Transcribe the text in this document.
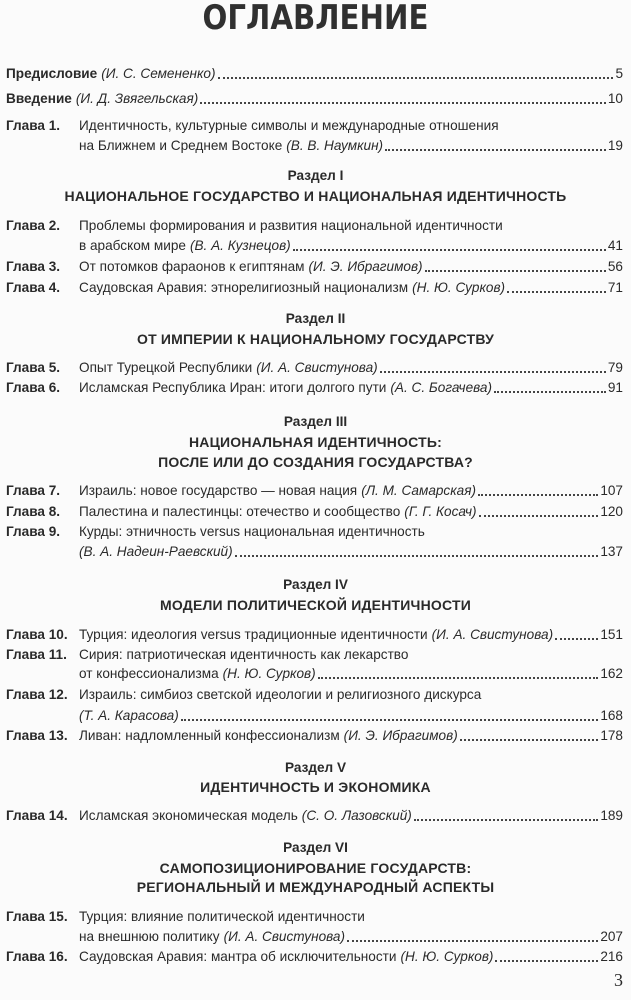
ОГЛАВЛЕНИЕ
Предисловие (И. С. Семененко)	5
Введение (И. Д. Звягельская)	10
Глава 1. Идентичность, культурные символы и международные отношения
на Ближнем и Среднем Востоке (В. В. Наумкин)	19
Раздел I
НАЦИОНАЛЬНОЕ ГОСУДАРСТВО И НАЦИОНАЛЬНАЯ ИДЕНТИЧНОСТЬ
Глава 2. Проблемы формирования и развития национальной идентичности
в арабском мире (В. А. Кузнецов)	41
Глава 3. От потомков фараонов к египтянам (И. Э. Ибрагимов)	56
Глава 4. Саудовская Аравия: этнорелигиозный национализм (Н. Ю. Сурков)	71
Раздел II
ОТ ИМПЕРИИ К НАЦИОНАЛЬНОМУ ГОСУДАРСТВУ
Глава 5. Опыт Турецкой Республики (И. А. Свистунова)	79
Глава 6. Исламская Республика Иран: итоги долгого пути (А. С. Богачева)	91
Раздел III
НАЦИОНАЛЬНАЯ ИДЕНТИЧНОСТЬ:
ПОСЛЕ ИЛИ ДО СОЗДАНИЯ ГОСУДАРСТВА?
Глава 7. Израиль: новое государство — новая нация (Л. М. Самарская)	107
Глава 8. Палестина и палестинцы: отечество и сообщество (Г. Г. Косач)	120
Глава 9. Курды: этничность versus национальная идентичность
(В. А. Надеин-Раевский)	137
Раздел IV
МОДЕЛИ ПОЛИТИЧЕСКОЙ ИДЕНТИЧНОСТИ
Глава 10. Турция: идеология versus традиционные идентичности (И. А. Свистунова)	151
Глава 11. Сирия: патриотическая идентичность как лекарство
от конфессионализма (Н. Ю. Сурков)	162
Глава 12. Израиль: симбиоз светской идеологии и религиозного дискурса
(Т. А. Карасова)	168
Глава 13. Ливан: надломленный конфессионализм (И. Э. Ибрагимов)	178
Раздел V
ИДЕНТИЧНОСТЬ И ЭКОНОМИКА
Глава 14. Исламская экономическая модель (С. О. Лазовский)	189
Раздел VI
САМОПОЗИЦИОНИРОВАНИЕ ГОСУДАРСТВ:
РЕГИОНАЛЬНЫЙ И МЕЖДУНАРОДНЫЙ АСПЕКТЫ
Глава 15. Турция: влияние политической идентичности
на внешнюю политику (И. А. Свистунова)	207
Глава 16. Саудовская Аравия: мантра об исключительности (Н. Ю. Сурков)	216
3
